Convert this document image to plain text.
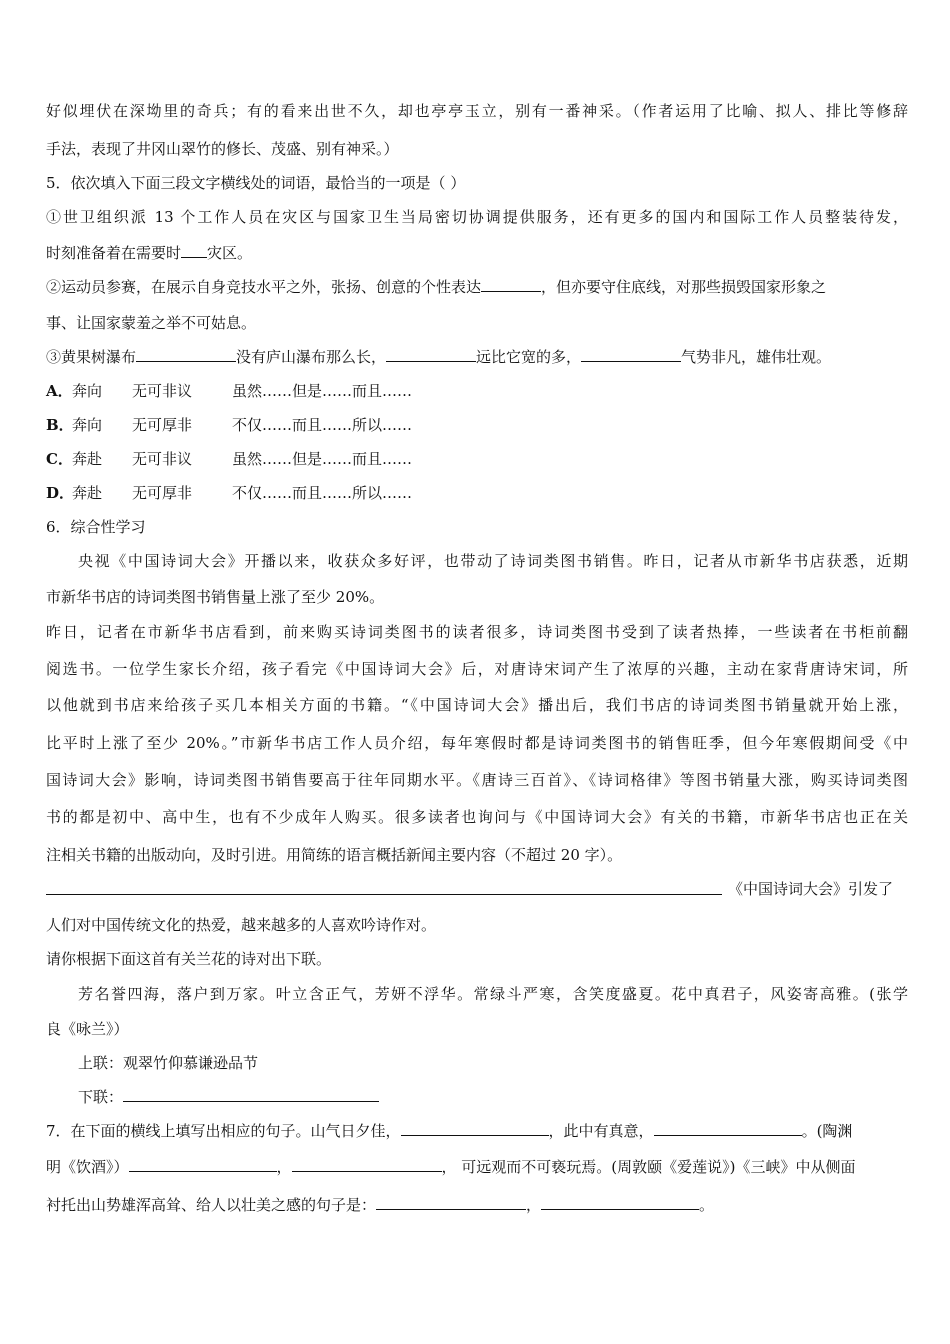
好似埋伏在深坳里的奇兵；有的看来出世不久，却也亭亭玉立，别有一番神采。（作者运用了比喻、拟人、排比等修辞
手法，表现了井冈山翠竹的修长、茂盛、别有神采。）
5．依次填入下面三段文字横线处的词语，最恰当的一项是（ ）
①世卫组织派 13 个工作人员在灾区与国家卫生当局密切协调提供服务，还有更多的国内和国际工作人员整装待发，
时刻准备着在需要时 灾区。
②运动员参赛，在展示自身竞技水平之外，张扬、创意的个性表达	，但亦要守住底线，对那些损毁国家形象之
事、让国家蒙羞之举不可姑息。
③黄果树瀑布	没有庐山瀑布那么长，	远比它宽的多，	气势非凡，雄伟壮观。
A．奔向 无可非议	虽然……但是……而且……
B．奔向 无可厚非	不仅……而且……所以……
C．奔赴 无可非议	虽然……但是……而且……
D．奔赴 无可厚非	不仅……而且……所以……
6．综合性学习
央视《中国诗词大会》开播以来，收获众多好评，也带动了诗词类图书销售。昨日，记者从市新华书店获悉，近期
市新华书店的诗词类图书销售量上涨了至少 20%。
昨日，记者在市新华书店看到，前来购买诗词类图书的读者很多，诗词类图书受到了读者热捧，一些读者在书柜前翻
阅选书。一位学生家长介绍，孩子看完《中国诗词大会》后，对唐诗宋词产生了浓厚的兴趣，主动在家背唐诗宋词，所
以他就到书店来给孩子买几本相关方面的书籍。“《中国诗词大会》播出后，我们书店的诗词类图书销量就开始上涨，
比平时上涨了至少 20%。”市新华书店工作人员介绍，每年寒假时都是诗词类图书的销售旺季，但今年寒假期间受《中
国诗词大会》影响，诗词类图书销售要高于往年同期水平。《唐诗三百首》、《诗词格律》等图书销量大涨，购买诗词类图
书的都是初中、高中生，也有不少成年人购买。很多读者也询问与《中国诗词大会》有关的书籍，市新华书店也正在关
注相关书籍的出版动向，及时引进。用简练的语言概括新闻主要内容（不超过 20 字）。
《中国诗词大会》引发了
人们对中国传统文化的热爱，越来越多的人喜欢吟诗作对。
请你根据下面这首有关兰花的诗对出下联。
芳名誉四海，落户到万家。叶立含正气，芳妍不浮华。常绿斗严寒，含笑度盛夏。花中真君子，风姿寄高雅。(张学
良《咏兰》）
上联：观翠竹仰慕谦逊品节
下联：
7．在下面的横线上填写出相应的句子。山气日夕佳，	，此中有真意，	。(陶渊
明《饮酒》）	，	， 可远观而不可亵玩焉。(周敦颐《爱莲说》)《三峡》中从侧面
衬托出山势雄浑高耸、给人以壮美之感的句子是：	，	。
